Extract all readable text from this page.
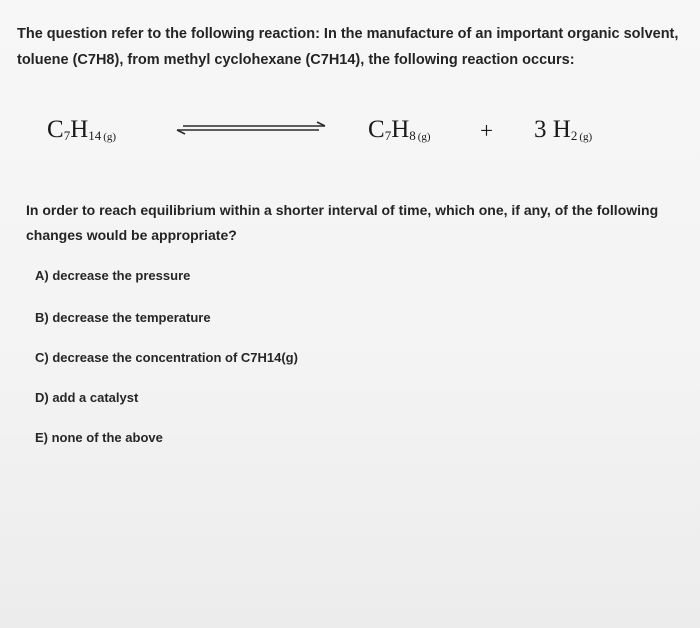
The question refer to the following reaction: In the manufacture of an important organic solvent, toluene (C7H8), from methyl cyclohexane (C7H14), the following reaction occurs:
$C_7H_{14}$ (g)	$C_7H_8$ (g) + 3 $H_2$ (g)
In order to reach equilibrium within a shorter interval of time, which one, if any, of the following changes would be appropriate?
A) decrease the pressure
B) decrease the temperature
C) decrease the concentration of C7H14(g)
D) add a catalyst
E) none of the above
